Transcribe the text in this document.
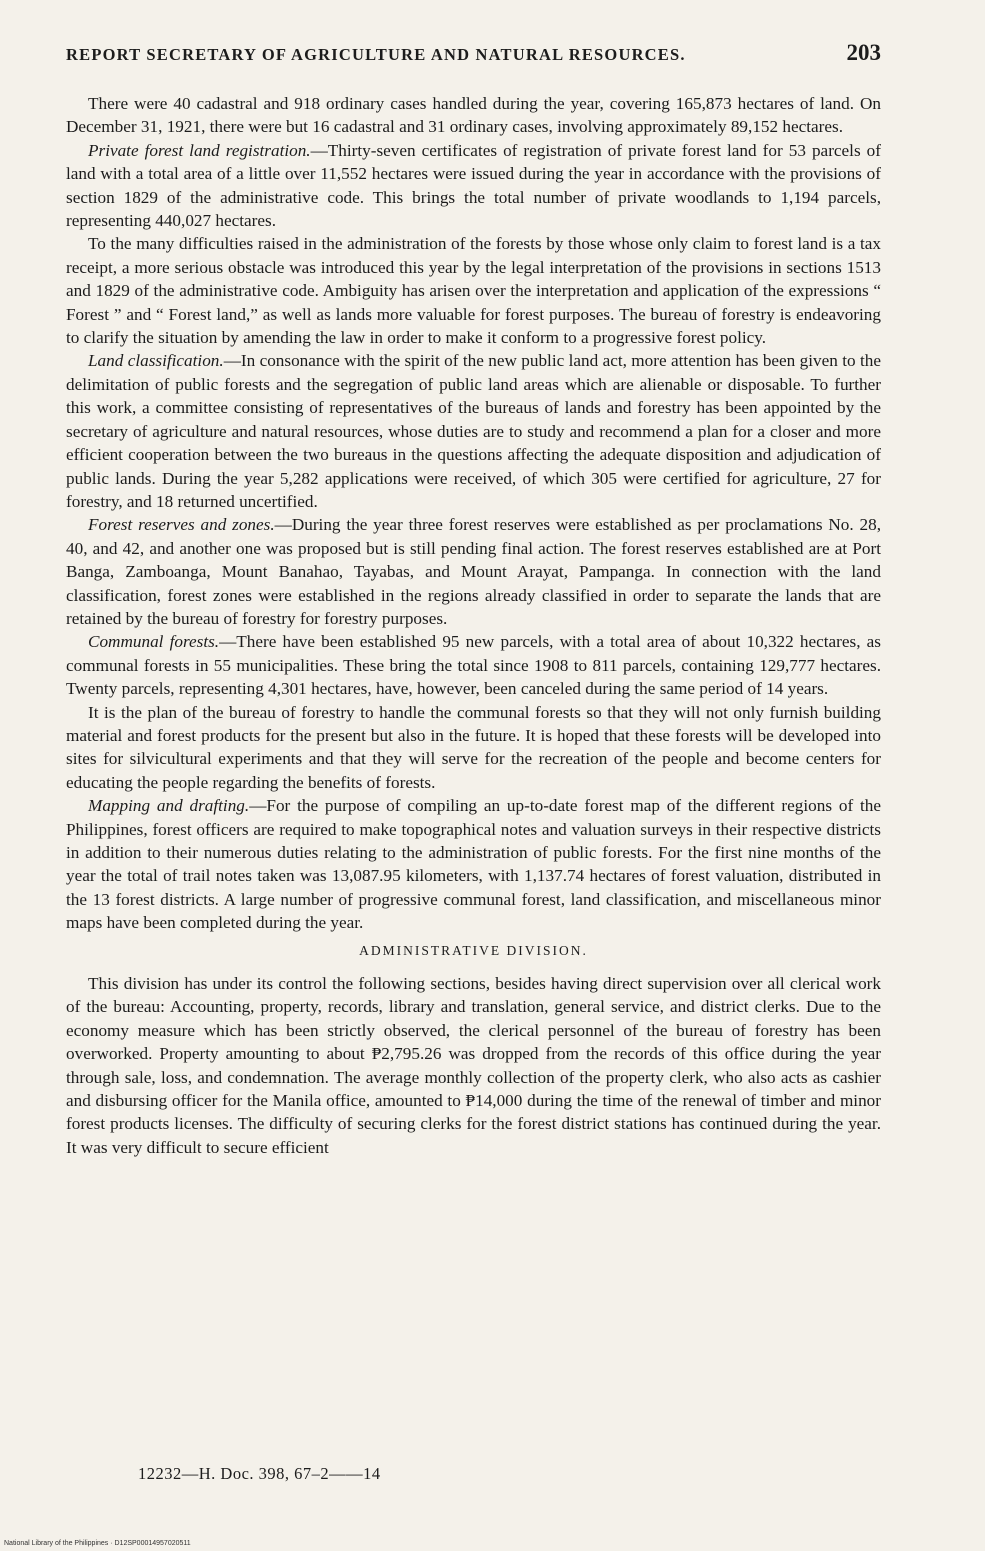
REPORT SECRETARY OF AGRICULTURE AND NATURAL RESOURCES.	203

There were 40 cadastral and 918 ordinary cases handled during the year, covering 165,873 hectares of land. On December 31, 1921, there were but 16 cadastral and 31 ordinary cases, involving approximately 89,152 hectares.

Private forest land registration.—Thirty-seven certificates of registration of private forest land for 53 parcels of land with a total area of a little over 11,552 hectares were issued during the year in accordance with the provisions of section 1829 of the administrative code. This brings the total number of private woodlands to 1,194 parcels, representing 440,027 hectares.

To the many difficulties raised in the administration of the forests by those whose only claim to forest land is a tax receipt, a more serious obstacle was introduced this year by the legal interpretation of the provisions in sections 1513 and 1829 of the administrative code. Ambiguity has arisen over the interpretation and application of the expressions “ Forest ” and “ Forest land,” as well as lands more valuable for forest purposes. The bureau of forestry is endeavoring to clarify the situation by amending the law in order to make it conform to a progressive forest policy.

Land classification.—In consonance with the spirit of the new public land act, more attention has been given to the delimitation of public forests and the segregation of public land areas which are alienable or disposable. To further this work, a committee consisting of representatives of the bureaus of lands and forestry has been appointed by the secretary of agriculture and natural resources, whose duties are to study and recommend a plan for a closer and more efficient cooperation between the two bureaus in the questions affecting the adequate disposition and adjudication of public lands. During the year 5,282 applications were received, of which 305 were certified for agriculture, 27 for forestry, and 18 returned uncertified.

Forest reserves and zones.—During the year three forest reserves were established as per proclamations No. 28, 40, and 42, and another one was proposed but is still pending final action. The forest reserves established are at Port Banga, Zamboanga, Mount Banahao, Tayabas, and Mount Arayat, Pampanga. In connection with the land classification, forest zones were established in the regions already classified in order to separate the lands that are retained by the bureau of forestry for forestry purposes.

Communal forests.—There have been established 95 new parcels, with a total area of about 10,322 hectares, as communal forests in 55 municipalities. These bring the total since 1908 to 811 parcels, containing 129,777 hectares. Twenty parcels, representing 4,301 hectares, have, however, been canceled during the same period of 14 years.

It is the plan of the bureau of forestry to handle the communal forests so that they will not only furnish building material and forest products for the present but also in the future. It is hoped that these forests will be developed into sites for silvicultural experiments and that they will serve for the recreation of the people and become centers for educating the people regarding the benefits of forests.

Mapping and drafting.—For the purpose of compiling an up-to-date forest map of the different regions of the Philippines, forest officers are required to make topographical notes and valuation surveys in their respective districts in addition to their numerous duties relating to the administration of public forests. For the first nine months of the year the total of trail notes taken was 13,087.95 kilometers, with 1,137.74 hectares of forest valuation, distributed in the 13 forest districts. A large number of progressive communal forest, land classification, and miscellaneous minor maps have been completed during the year.

ADMINISTRATIVE DIVISION.

This division has under its control the following sections, besides having direct supervision over all clerical work of the bureau: Accounting, property, records, library and translation, general service, and district clerks. Due to the economy measure which has been strictly observed, the clerical personnel of the bureau of forestry has been overworked. Property amounting to about ₱2,795.26 was dropped from the records of this office during the year through sale, loss, and condemnation. The average monthly collection of the property clerk, who also acts as cashier and disbursing officer for the Manila office, amounted to ₱14,000 during the time of the renewal of timber and minor forest products licenses. The difficulty of securing clerks for the forest district stations has continued during the year. It was very difficult to secure efficient

12232—H. Doc. 398, 67–2——14
National Library of the Philippines · D12SP00014957020511
